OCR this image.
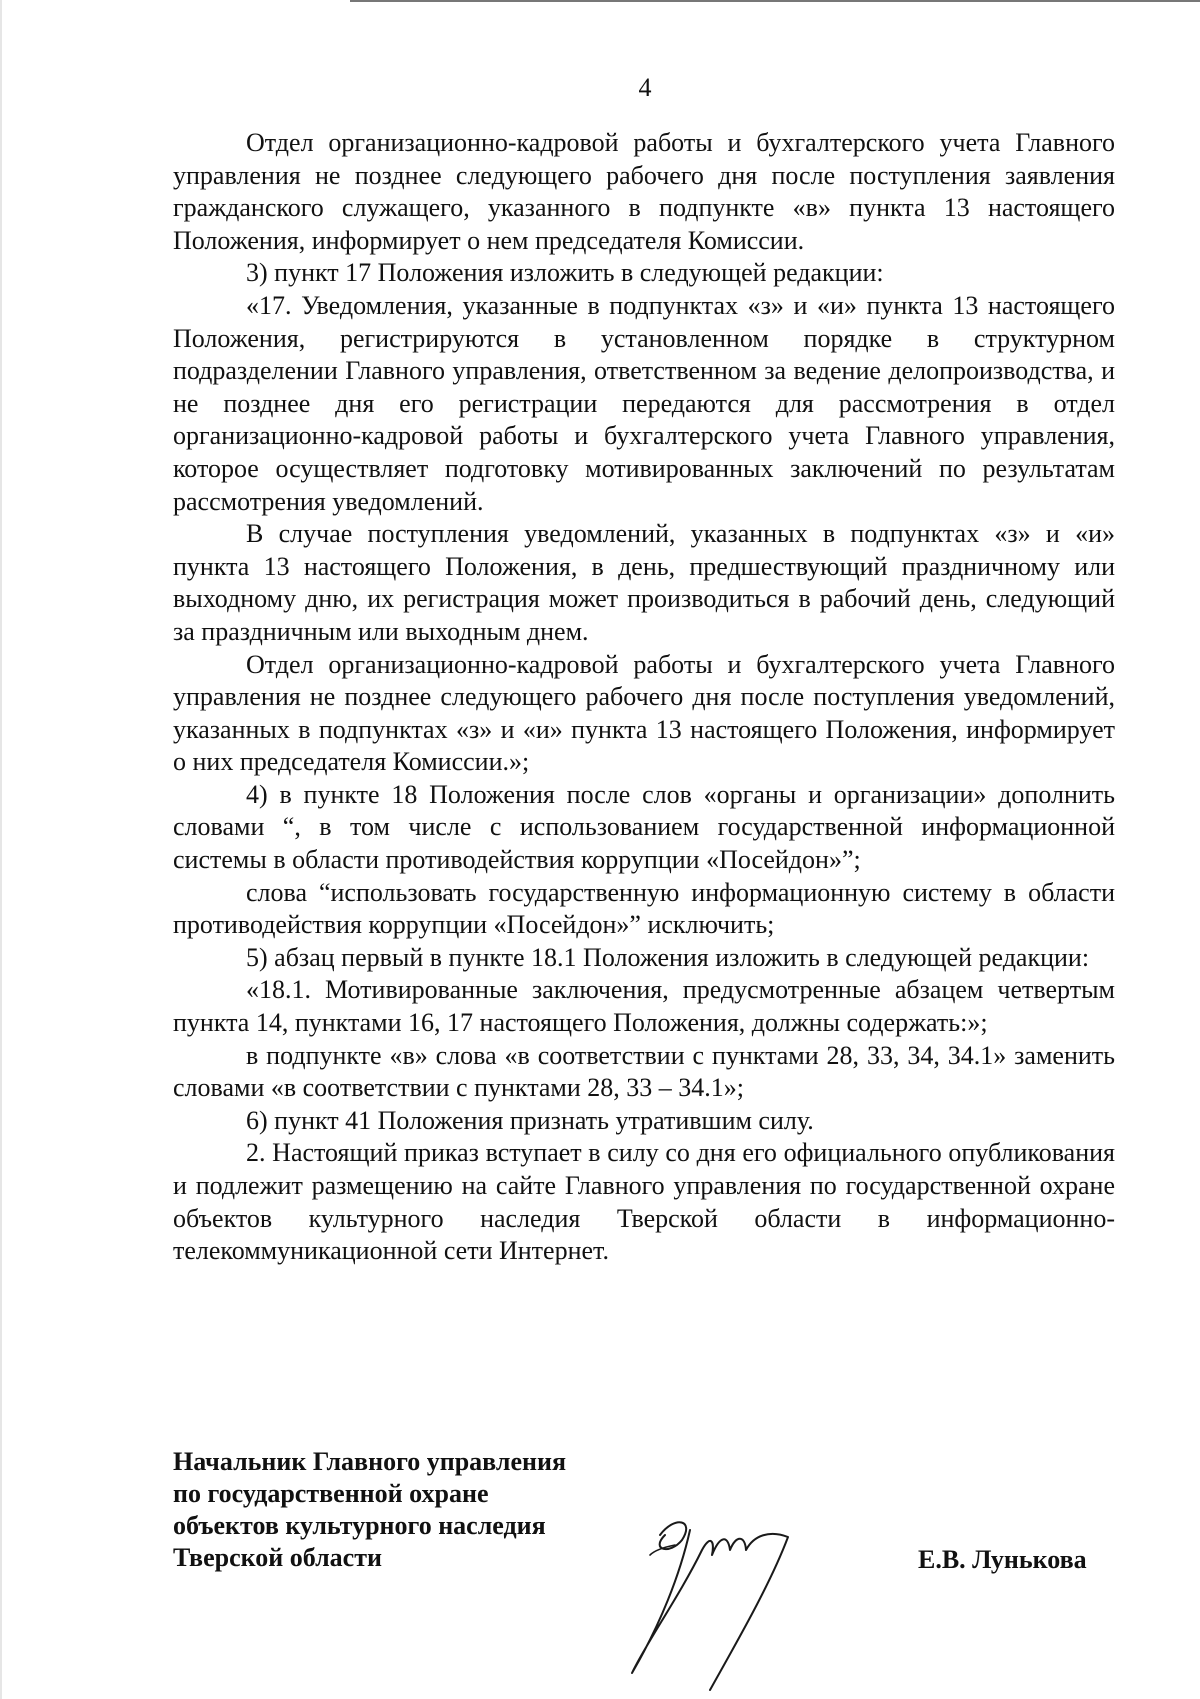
4

Отдел организационно-кадровой работы и бухгалтерского учета Главного управления не позднее следующего рабочего дня после поступления заявления гражданского служащего, указанного в подпункте «в» пункта 13 настоящего Положения, информирует о нем председателя Комиссии.

3) пункт 17 Положения изложить в следующей редакции:

«17. Уведомления, указанные в подпунктах «з» и «и» пункта 13 настоящего Положения, регистрируются в установленном порядке в структурном подразделении Главного управления, ответственном за ведение делопроизводства, и не позднее дня его регистрации передаются для рассмотрения в отдел организационно-кадровой работы и бухгалтерского учета Главного управления, которое осуществляет подготовку мотивированных заключений по результатам рассмотрения уведомлений.

В случае поступления уведомлений, указанных в подпунктах «з» и «и» пункта 13 настоящего Положения, в день, предшествующий праздничному или выходному дню, их регистрация может производиться в рабочий день, следующий за праздничным или выходным днем.

Отдел организационно-кадровой работы и бухгалтерского учета Главного управления не позднее следующего рабочего дня после поступления уведомлений, указанных в подпунктах «з» и «и» пункта 13 настоящего Положения, информирует о них председателя Комиссии.»;

4) в пункте 18 Положения после слов «органы и организации» дополнить словами “, в том числе с использованием государственной информационной системы в области противодействия коррупции «Посейдон»”;

слова “использовать государственную информационную систему в области противодействия коррупции «Посейдон»” исключить;

5) абзац первый в пункте 18.1 Положения изложить в следующей редакции:

«18.1. Мотивированные заключения, предусмотренные абзацем четвертым пункта 14, пунктами 16, 17 настоящего Положения, должны содержать:»;

в подпункте «в» слова «в соответствии с пунктами 28, 33, 34, 34.1» заменить словами «в соответствии с пунктами 28, 33 – 34.1»;

6) пункт 41 Положения признать утратившим силу.

2. Настоящий приказ вступает в силу со дня его официального опубликования и подлежит размещению на сайте Главного управления по государственной охране объектов культурного наследия Тверской области в информационно-телекоммуникационной сети Интернет.

Начальник Главного управления
по государственной охране
объектов культурного наследия
Тверской области	Е.В. Лунькова
